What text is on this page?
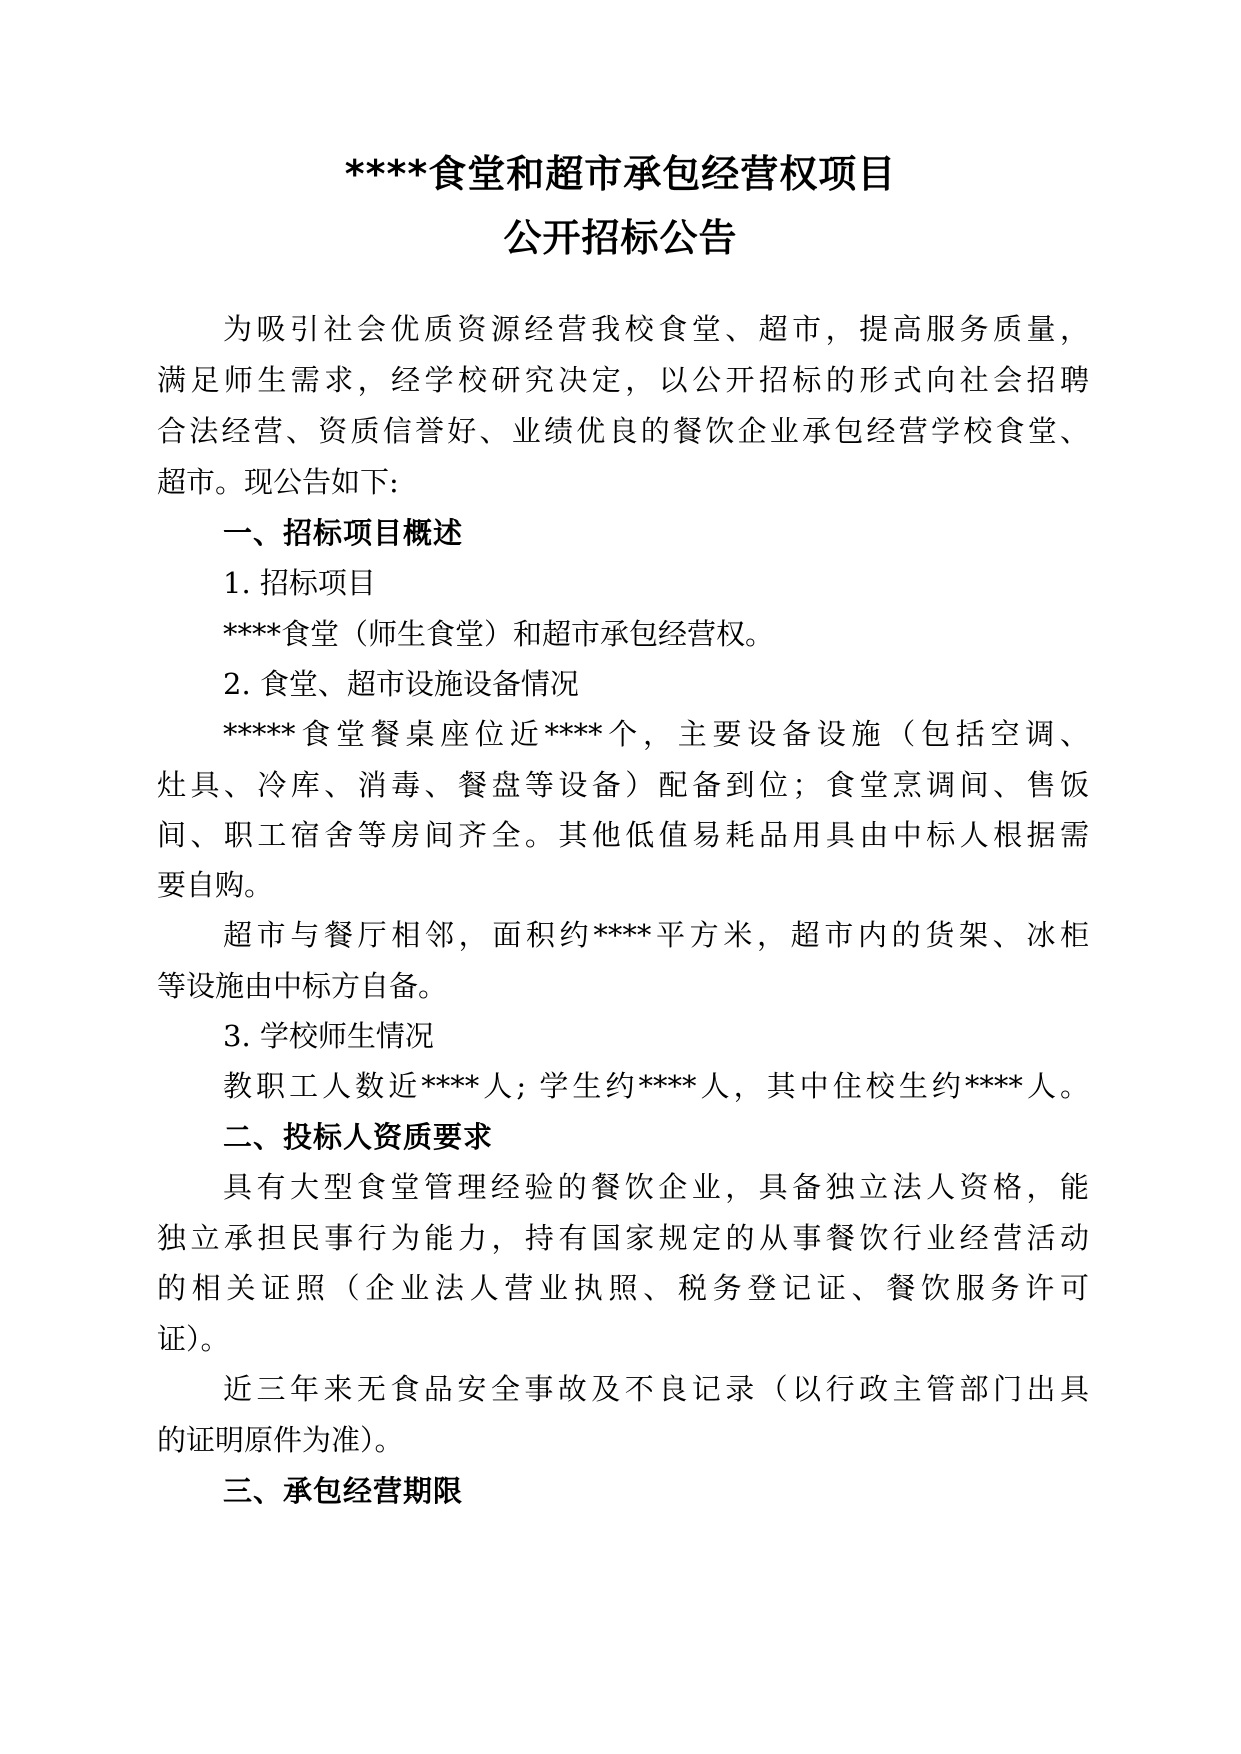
****食堂和超市承包经营权项目
公开招标公告
为吸引社会优质资源经营我校食堂、超市，提高服务质量，
满足师生需求，经学校研究决定，以公开招标的形式向社会招聘
合法经营、资质信誉好、业绩优良的餐饮企业承包经营学校食堂、
超市。现公告如下:
一、招标项目概述
1. 招标项目
****食堂（师生食堂）和超市承包经营权。
2. 食堂、超市设施设备情况
*****食堂餐桌座位近****个，主要设备设施（包括空调、
灶具、冷库、消毒、餐盘等设备）配备到位；食堂烹调间、售饭
间、职工宿舍等房间齐全。其他低值易耗品用具由中标人根据需
要自购。
超市与餐厅相邻，面积约****平方米，超市内的货架、冰柜
等设施由中标方自备。
3. 学校师生情况
教职工人数近****人; 学生约****人，其中住校生约****人。
二、投标人资质要求
具有大型食堂管理经验的餐饮企业，具备独立法人资格，能
独立承担民事行为能力，持有国家规定的从事餐饮行业经营活动
的相关证照（企业法人营业执照、税务登记证、餐饮服务许可
证）。
近三年来无食品安全事故及不良记录（以行政主管部门出具
的证明原件为准）。
三、承包经营期限
